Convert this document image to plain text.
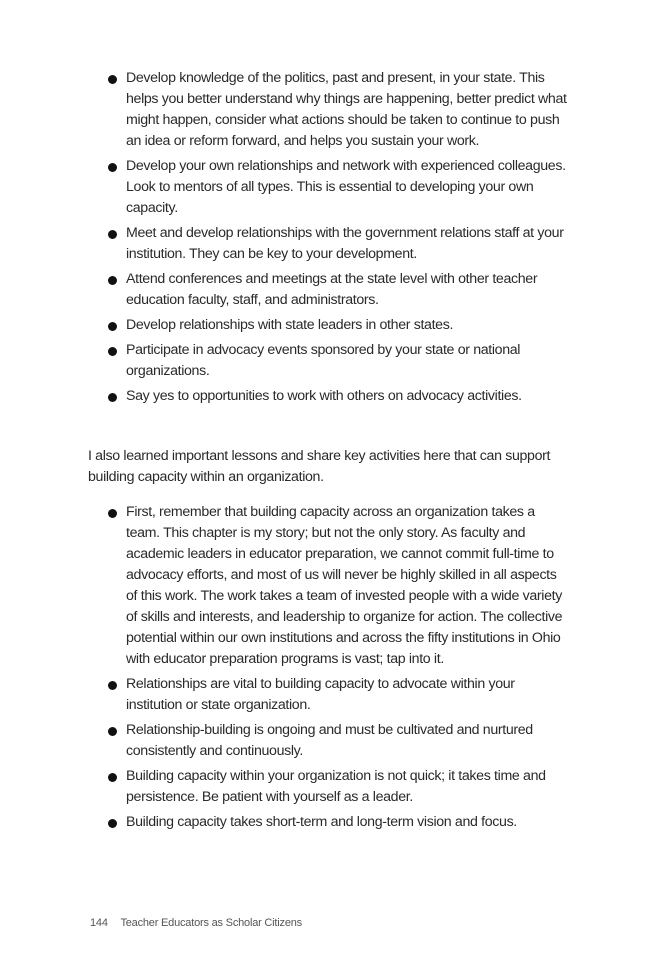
Develop knowledge of the politics, past and present, in your state. This helps you better understand why things are happening, better predict what might happen, consider what actions should be taken to continue to push an idea or reform forward, and helps you sustain your work.
Develop your own relationships and network with experienced colleagues. Look to mentors of all types. This is essential to developing your own capacity.
Meet and develop relationships with the government relations staff at your institution. They can be key to your development.
Attend conferences and meetings at the state level with other teacher education faculty, staff, and administrators.
Develop relationships with state leaders in other states.
Participate in advocacy events sponsored by your state or national organizations.
Say yes to opportunities to work with others on advocacy activities.

I also learned important lessons and share key activities here that can support building capacity within an organization.

First, remember that building capacity across an organization takes a team. This chapter is my story; but not the only story. As faculty and academic leaders in educator preparation, we cannot commit full-time to advocacy efforts, and most of us will never be highly skilled in all aspects of this work. The work takes a team of invested people with a wide variety of skills and interests, and leadership to organize for action. The collective potential within our own institutions and across the fifty institutions in Ohio with educator preparation programs is vast; tap into it.
Relationships are vital to building capacity to advocate within your institution or state organization.
Relationship-building is ongoing and must be cultivated and nurtured consistently and continuously.
Building capacity within your organization is not quick; it takes time and persistence. Be patient with yourself as a leader.
Building capacity takes short-term and long-term vision and focus.
144 Teacher Educators as Scholar Citizens
